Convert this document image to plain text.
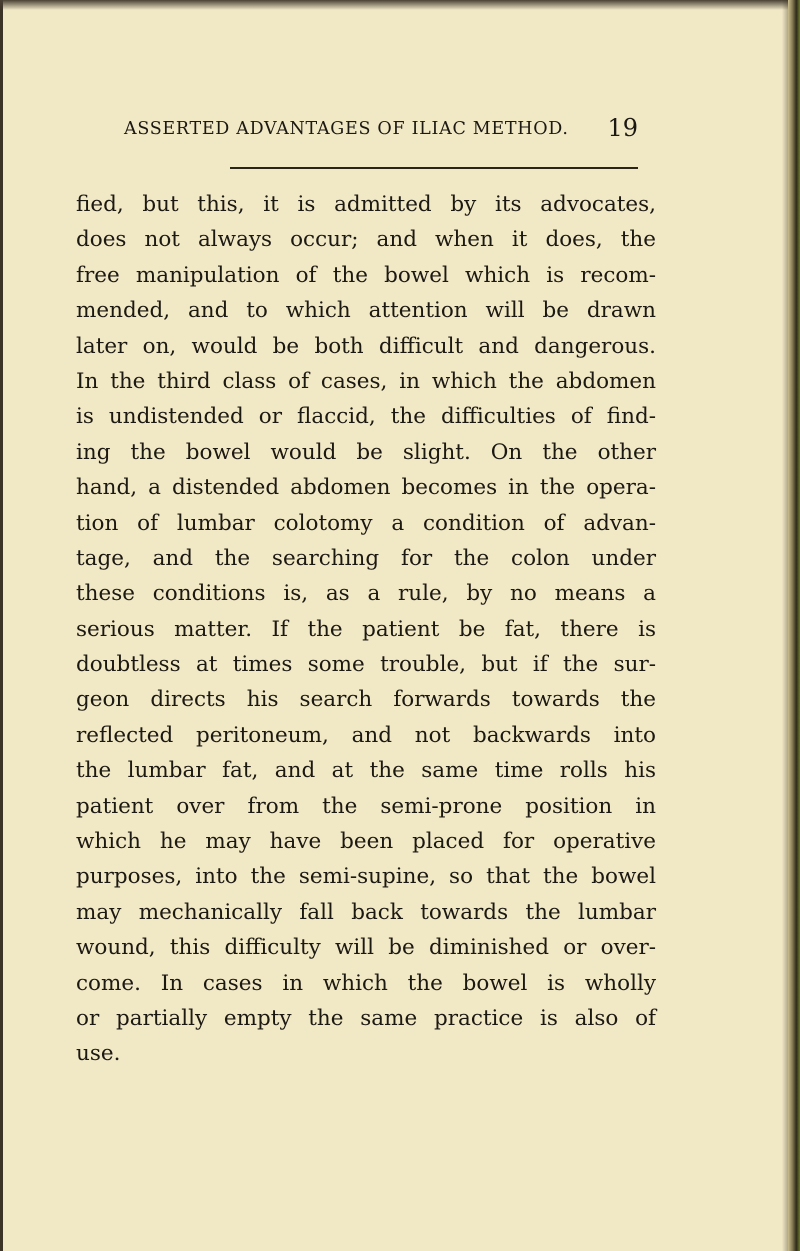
ASSERTED ADVANTAGES OF ILIAC METHOD. 19
fied, but this, it is admitted by its advocates,
does not always occur; and when it does, the
free manipulation of the bowel which is recom-
mended, and to which attention will be drawn
later on, would be both difficult and dangerous.
In the third class of cases, in which the abdomen
is undistended or flaccid, the difficulties of find-
ing the bowel would be slight. On the other
hand, a distended abdomen becomes in the opera-
tion of lumbar colotomy a condition of advan-
tage, and the searching for the colon under
these conditions is, as a rule, by no means a
serious matter. If the patient be fat, there is
doubtless at times some trouble, but if the sur-
geon directs his search forwards towards the
reflected peritoneum, and not backwards into
the lumbar fat, and at the same time rolls his
patient over from the semi-prone position in
which he may have been placed for operative
purposes, into the semi-supine, so that the bowel
may mechanically fall back towards the lumbar
wound, this difficulty will be diminished or over-
come. In cases in which the bowel is wholly
or partially empty the same practice is also of
use.
